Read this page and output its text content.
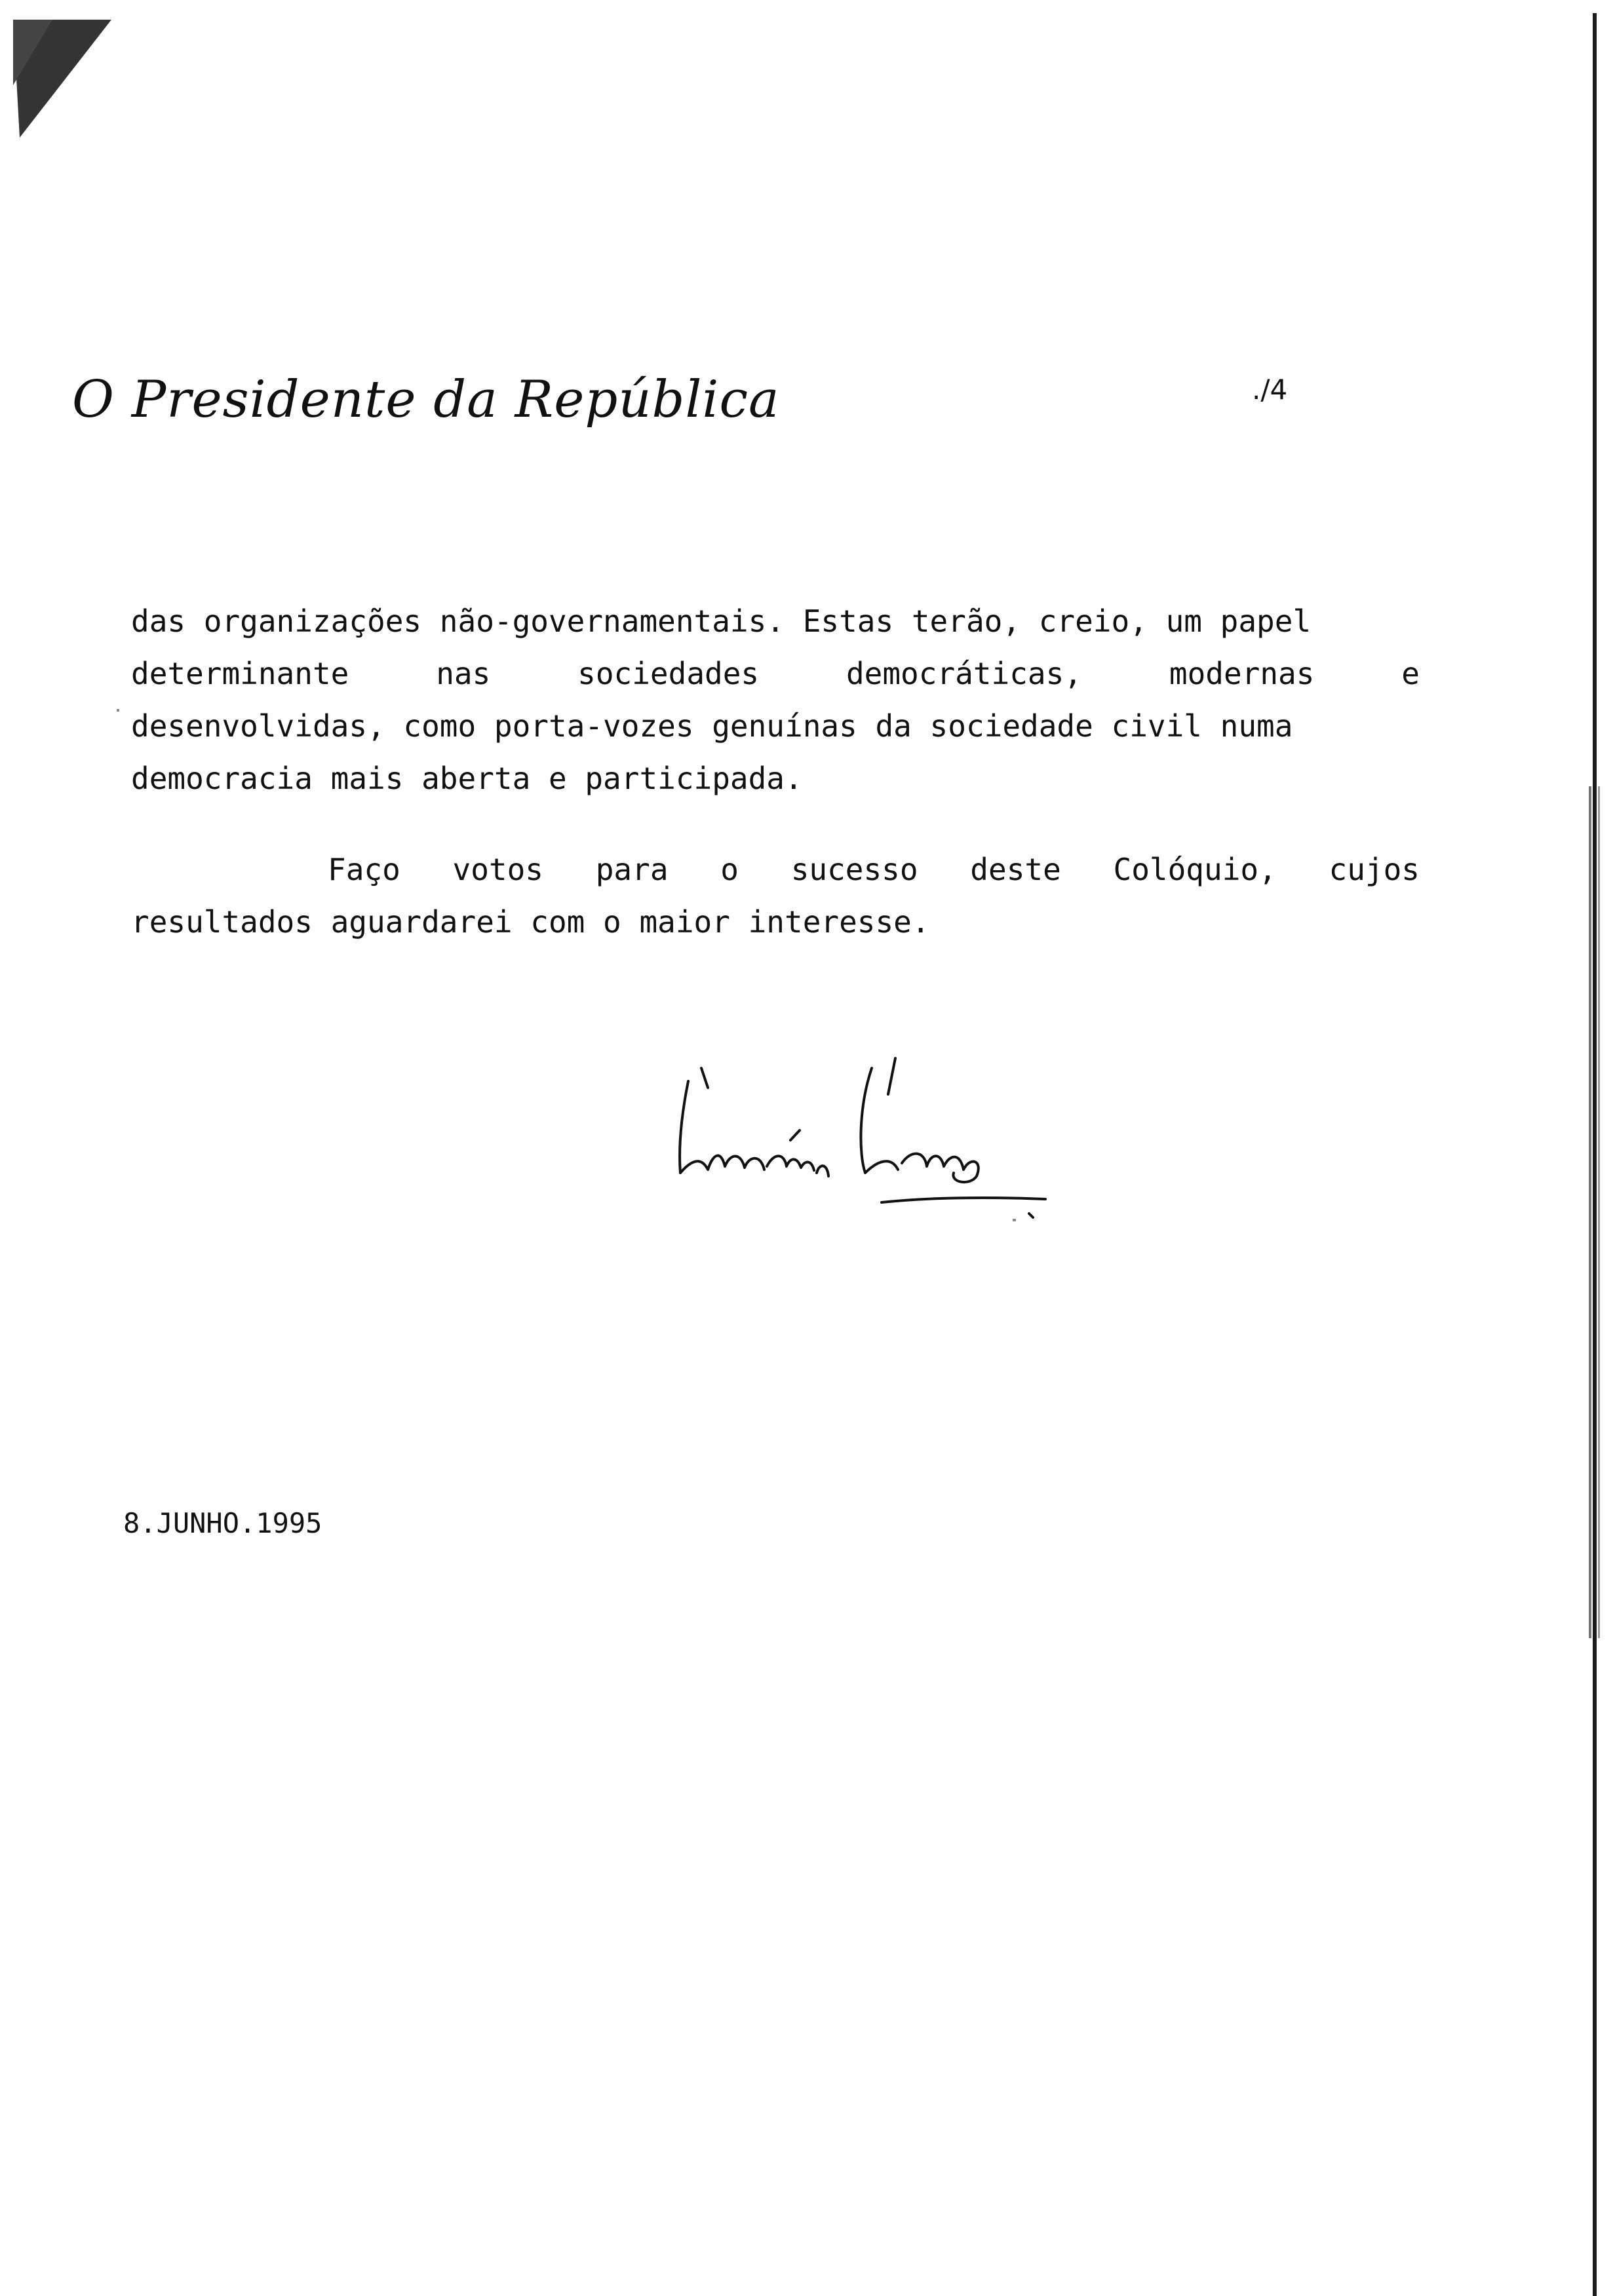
O Presidente da República	./4
das organizações não-governamentais. Estas terão, creio, um papel
determinante nas sociedades democráticas, modernas e
desenvolvidas, como porta-vozes genuínas da sociedade civil numa
democracia mais aberta e participada.
Faço votos para o sucesso deste Colóquio, cujos
resultados aguardarei com o maior interesse.
8.JUNHO.1995
